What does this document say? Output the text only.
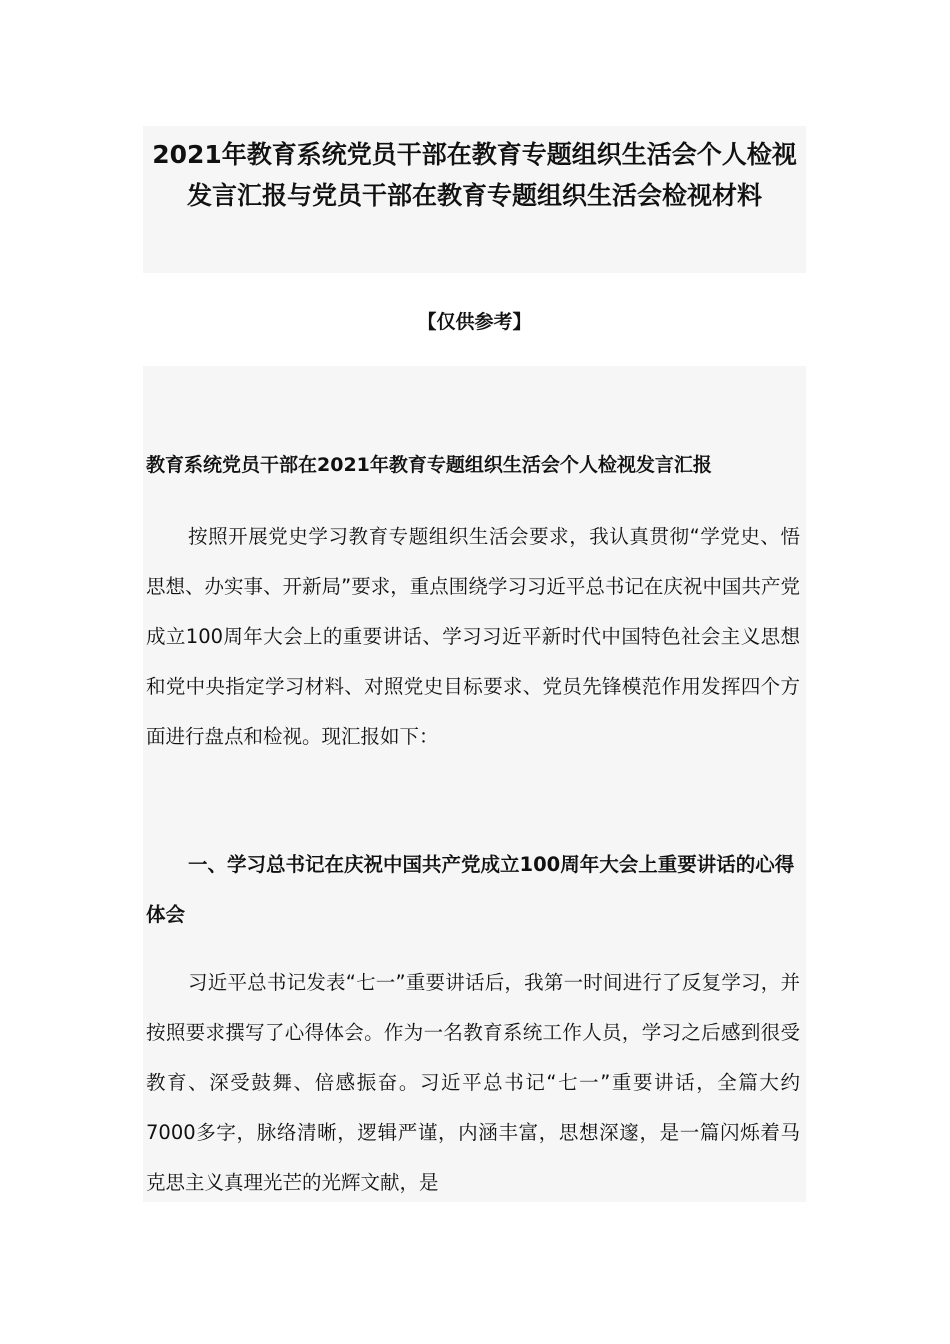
2021年教育系统党员干部在教育专题组织生活会个人检视发言汇报与党员干部在教育专题组织生活会检视材料
【仅供参考】
教育系统党员干部在2021年教育专题组织生活会个人检视发言汇报

按照开展党史学习教育专题组织生活会要求，我认真贯彻“学党史、悟思想、办实事、开新局”要求，重点围绕学习习近平总书记在庆祝中国共产党成立100周年大会上的重要讲话、学习习近平新时代中国特色社会主义思想和党中央指定学习材料、对照党史目标要求、党员先锋模范作用发挥四个方面进行盘点和检视。现汇报如下：

一、学习总书记在庆祝中国共产党成立100周年大会上重要讲话的心得体会

习近平总书记发表“七一”重要讲话后，我第一时间进行了反复学习，并按照要求撰写了心得体会。作为一名教育系统工作人员，学习之后感到很受教育、深受鼓舞、倍感振奋。习近平总书记“七一”重要讲话，全篇大约7000多字，脉络清晰，逻辑严谨，内涵丰富，思想深邃，是一篇闪烁着马克思主义真理光芒的光辉文献，是
